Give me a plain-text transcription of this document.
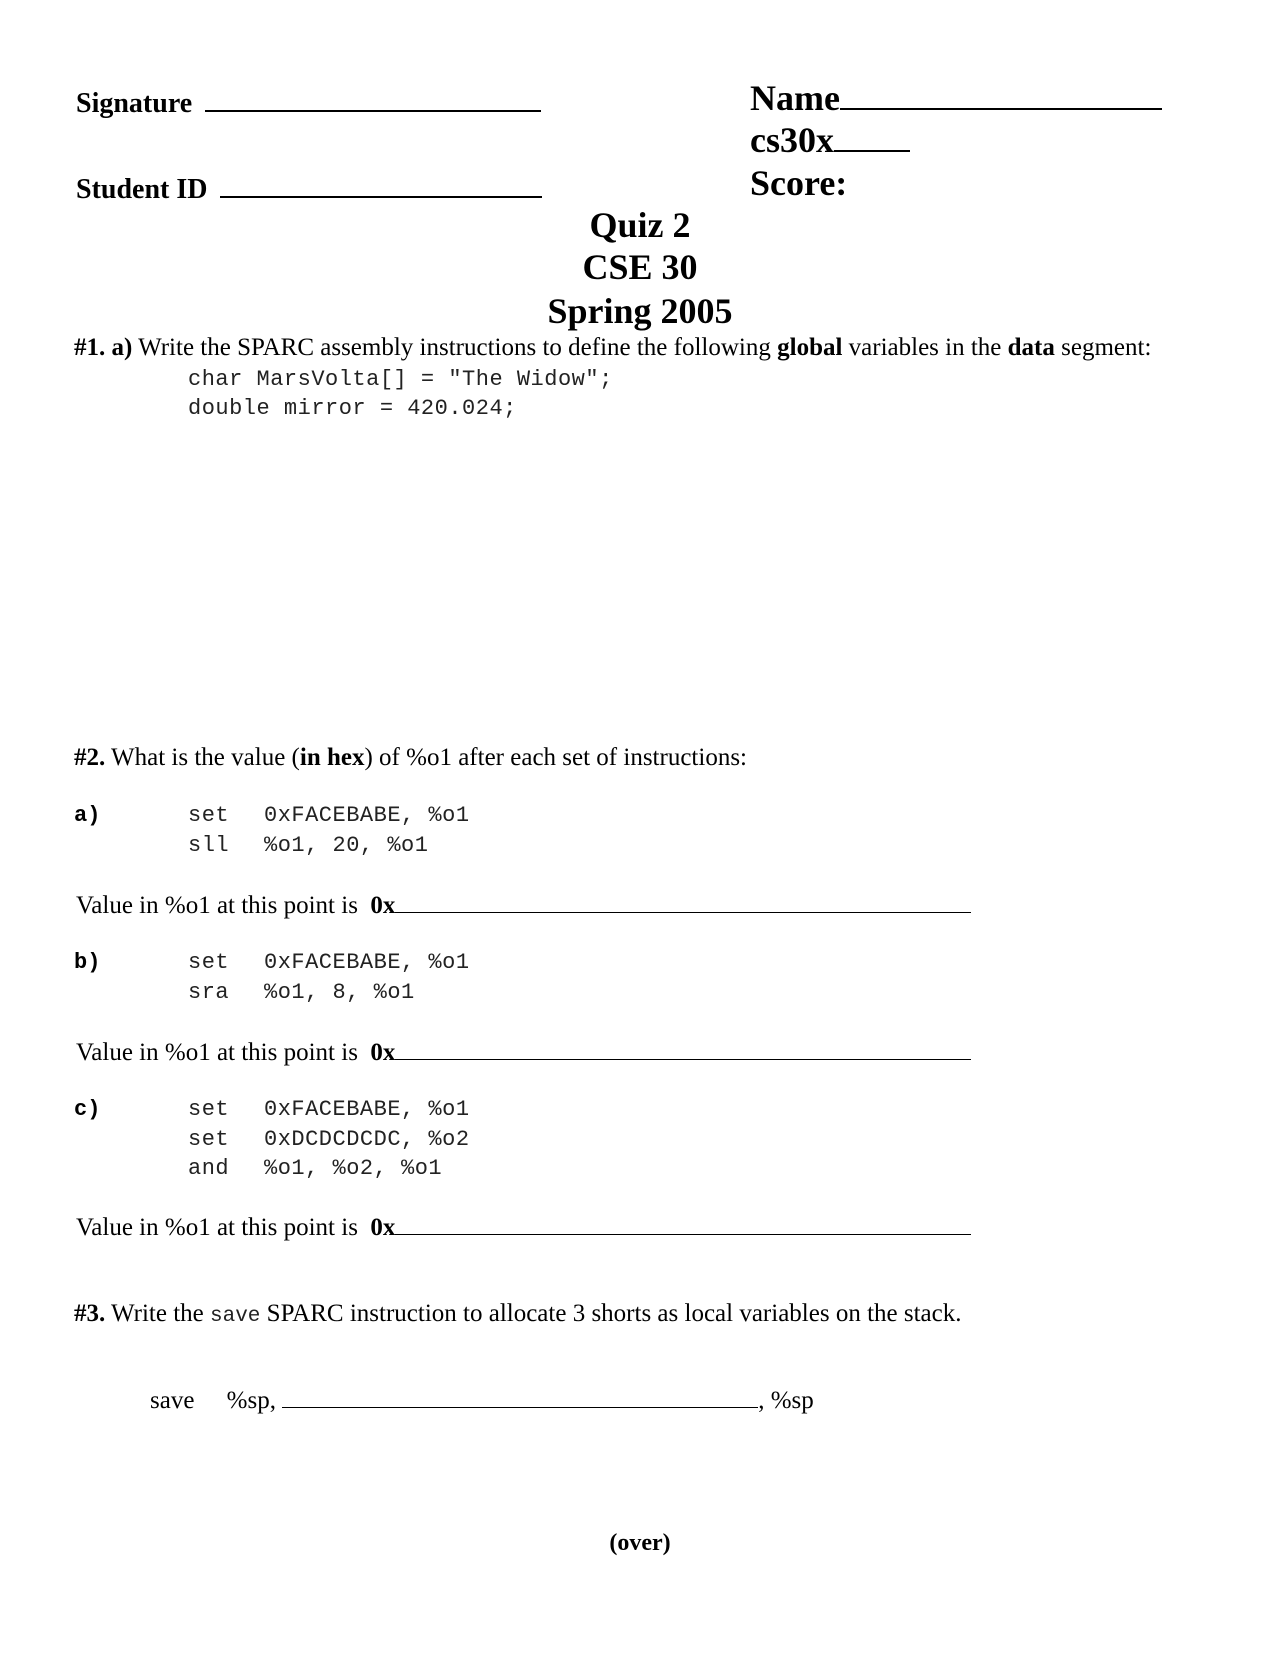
Signature
Student ID
Name
cs30x
Score:
Quiz 2
CSE 30
Spring 2005
#1. a) Write the SPARC assembly instructions to define the following global variables in the data segment:
char MarsVolta[] = "The Widow";
double mirror = 420.024;
#2. What is the value (in hex) of %o1 after each set of instructions:
a)	set 0xFACEBABE, %o1
sll %o1, 20, %o1
Value in %o1 at this point is 0x
b)	set 0xFACEBABE, %o1
sra %o1, 8, %o1
Value in %o1 at this point is 0x
c)	set 0xFACEBABE, %o1
set 0xDCDCDCDC, %o2
and %o1, %o2, %o1
Value in %o1 at this point is 0x
#3. Write the save SPARC instruction to allocate 3 shorts as local variables on the stack.
save %sp,	, %sp
(over)
